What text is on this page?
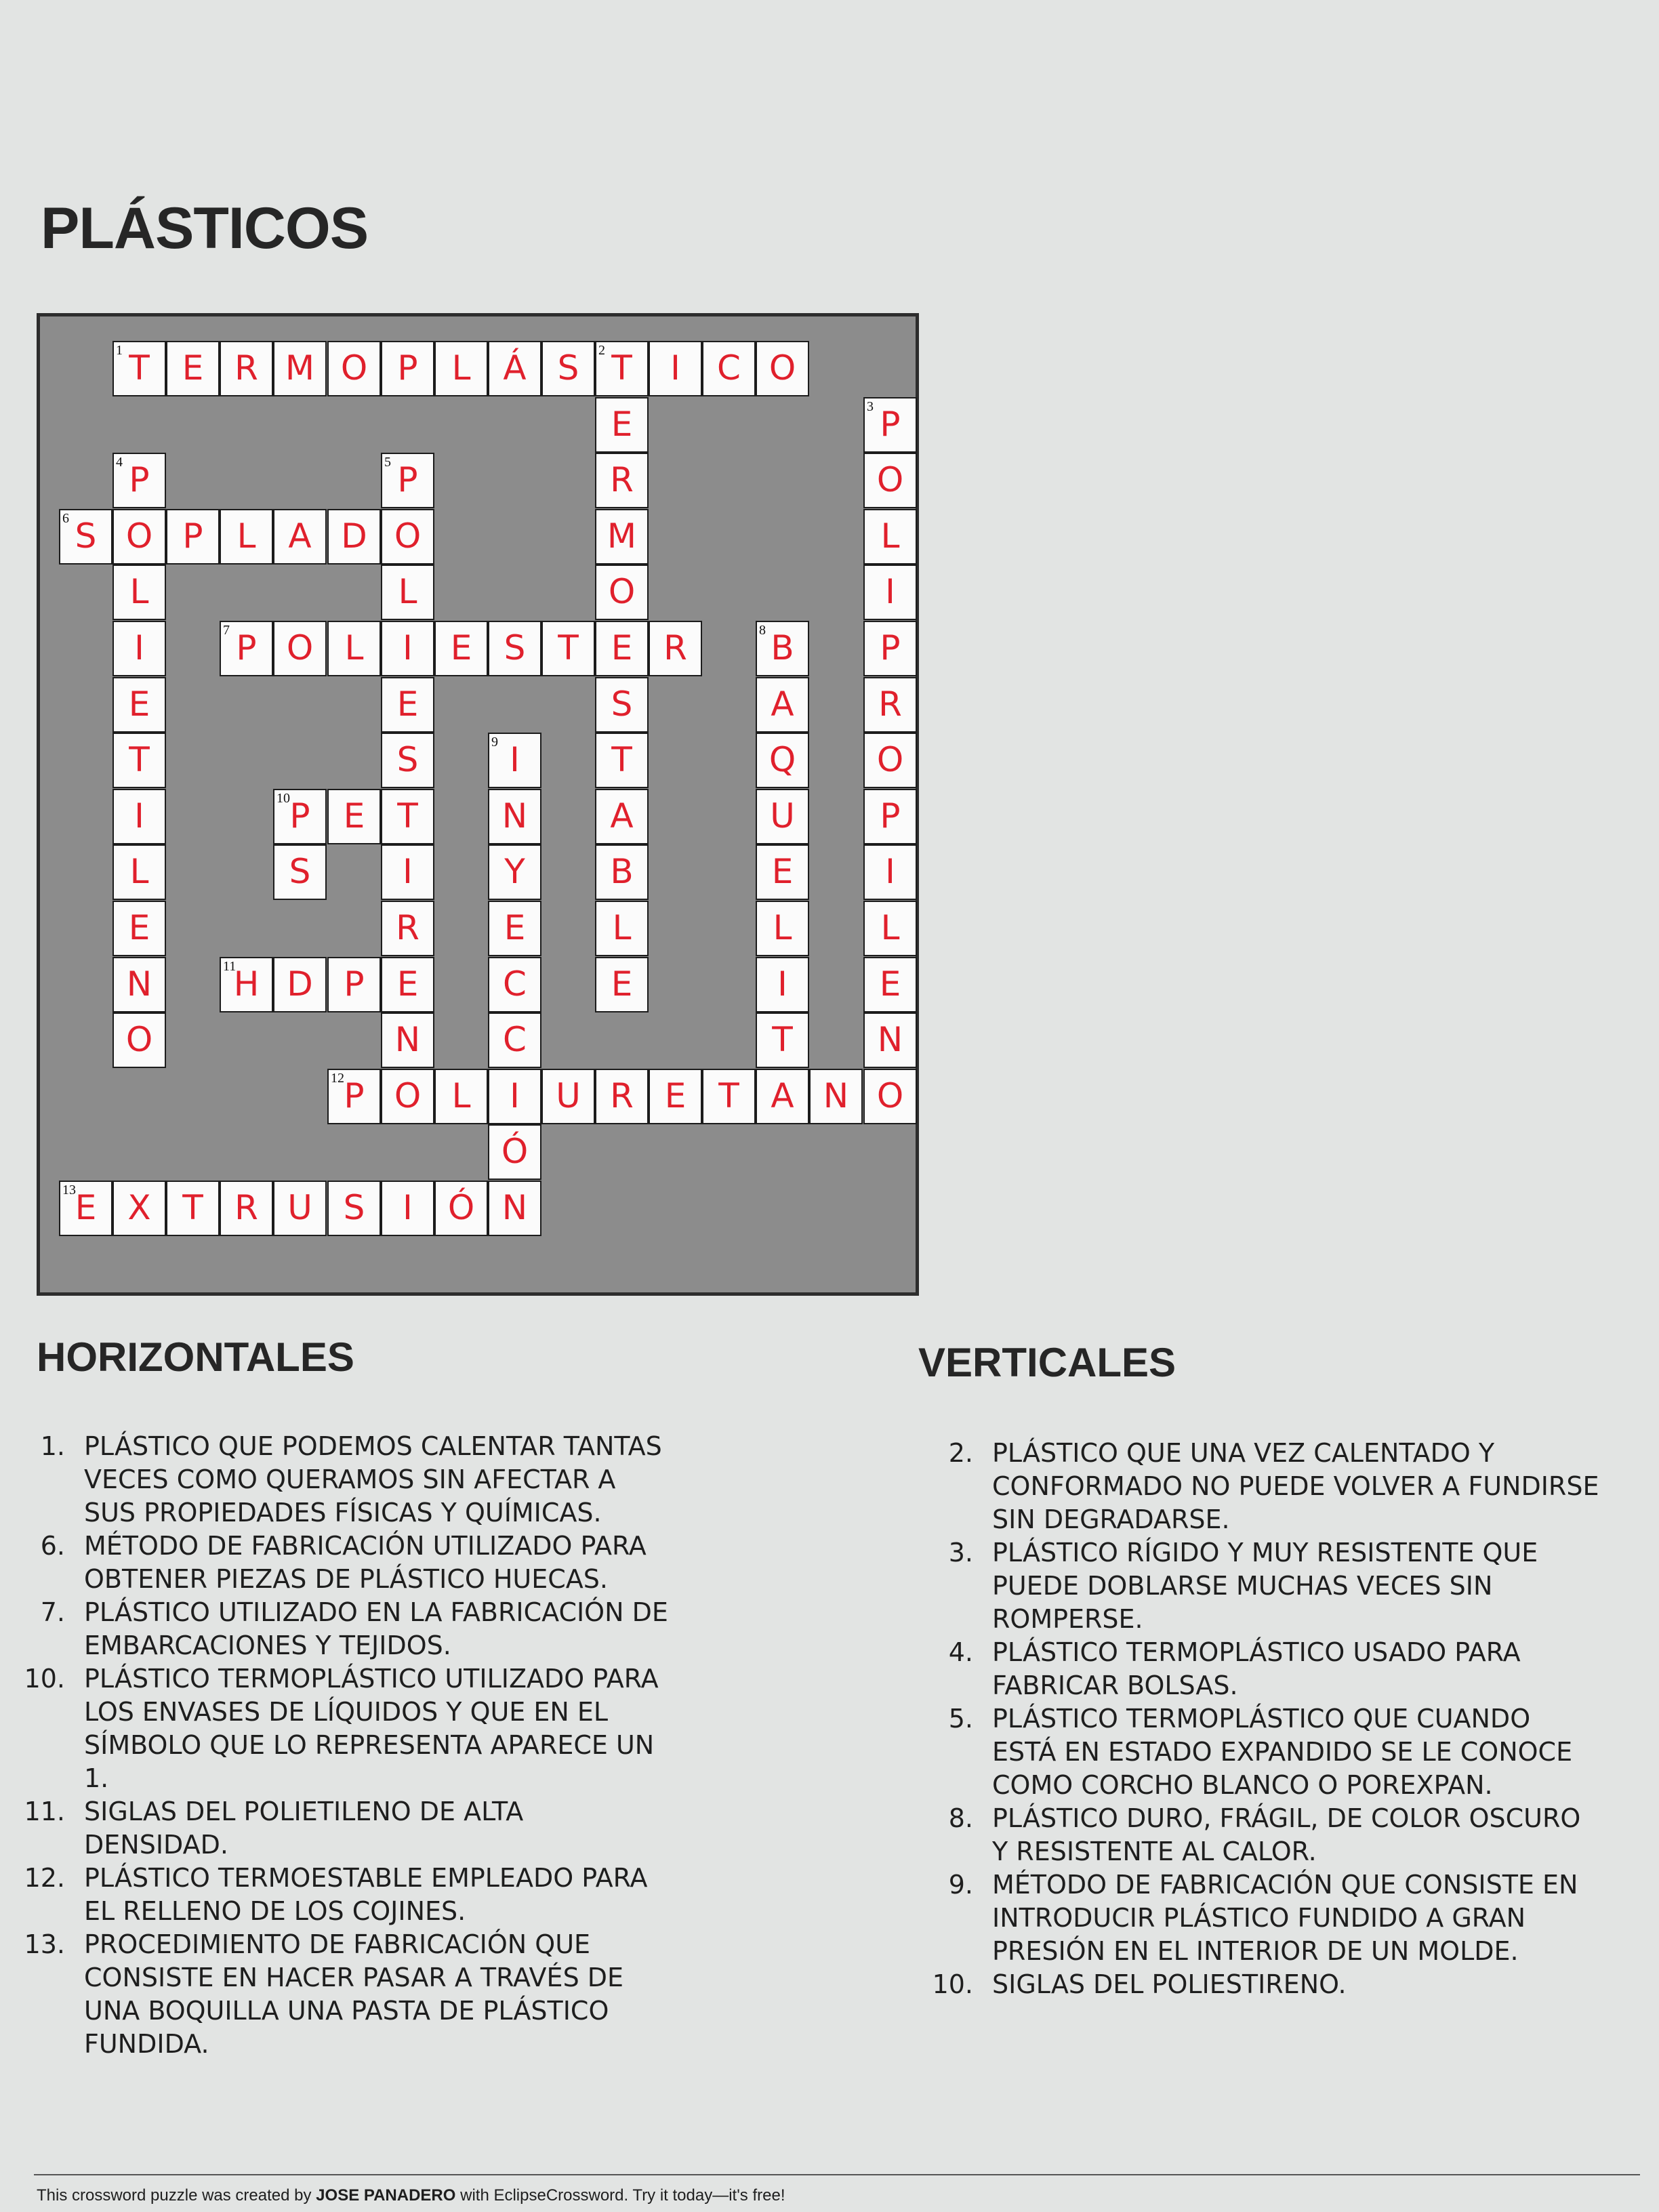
PLÁSTICOS
1 T E R M O P L Á S	2 T	I	C O
E
R
M
O
E
S
T
A
B
L
E
3 P
O
L
I
P
R
O
P
I
L
E
N
O
4 P
O
L
I
E
T
I
L
E
N
O
5 P
O
L
I
E
S
T
I
R
E
N
O
6 S	P L A D
7 P O L	E S T	R	8 B
A
Q
U
E
L
I
T
A
9 I
N
Y
E
C
C
I
Ó
N
10 P E
S
11
H D P
12 P	L	U R E T	N
13
E X T R U S	I	Ó
HORIZONTALES
1. PLÁSTICO QUE PODEMOS CALENTAR TANTAS
VECES COMO QUERAMOS SIN AFECTAR A
SUS PROPIEDADES FÍSICAS Y QUÍMICAS.
6. MÉTODO DE FABRICACIÓN UTILIZADO PARA
OBTENER PIEZAS DE PLÁSTICO HUECAS.
7. PLÁSTICO UTILIZADO EN LA FABRICACIÓN DE
EMBARCACIONES Y TEJIDOS.
10. PLÁSTICO TERMOPLÁSTICO UTILIZADO PARA
LOS ENVASES DE LÍQUIDOS Y QUE EN EL
SÍMBOLO QUE LO REPRESENTA APARECE UN
1.
11. SIGLAS DEL POLIETILENO DE ALTA
DENSIDAD.
12. PLÁSTICO TERMOESTABLE EMPLEADO PARA
EL RELLENO DE LOS COJINES.
13. PROCEDIMIENTO DE FABRICACIÓN QUE
CONSISTE EN HACER PASAR A TRAVÉS DE
UNA BOQUILLA UNA PASTA DE PLÁSTICO
FUNDIDA.
VERTICALES
2. PLÁSTICO QUE UNA VEZ CALENTADO Y
CONFORMADO NO PUEDE VOLVER A FUNDIRSE
SIN DEGRADARSE.
3. PLÁSTICO RÍGIDO Y MUY RESISTENTE QUE
PUEDE DOBLARSE MUCHAS VECES SIN
ROMPERSE.
4. PLÁSTICO TERMOPLÁSTICO USADO PARA
FABRICAR BOLSAS.
5. PLÁSTICO TERMOPLÁSTICO QUE CUANDO
ESTÁ EN ESTADO EXPANDIDO SE LE CONOCE
COMO CORCHO BLANCO O POREXPAN.
8. PLÁSTICO DURO, FRÁGIL, DE COLOR OSCURO
Y RESISTENTE AL CALOR.
9. MÉTODO DE FABRICACIÓN QUE CONSISTE EN
INTRODUCIR PLÁSTICO FUNDIDO A GRAN
PRESIÓN EN EL INTERIOR DE UN MOLDE.
10. SIGLAS DEL POLIESTIRENO.
This crossword puzzle was created by JOSE PANADERO with EclipseCrossword. Try it today—it's free!
